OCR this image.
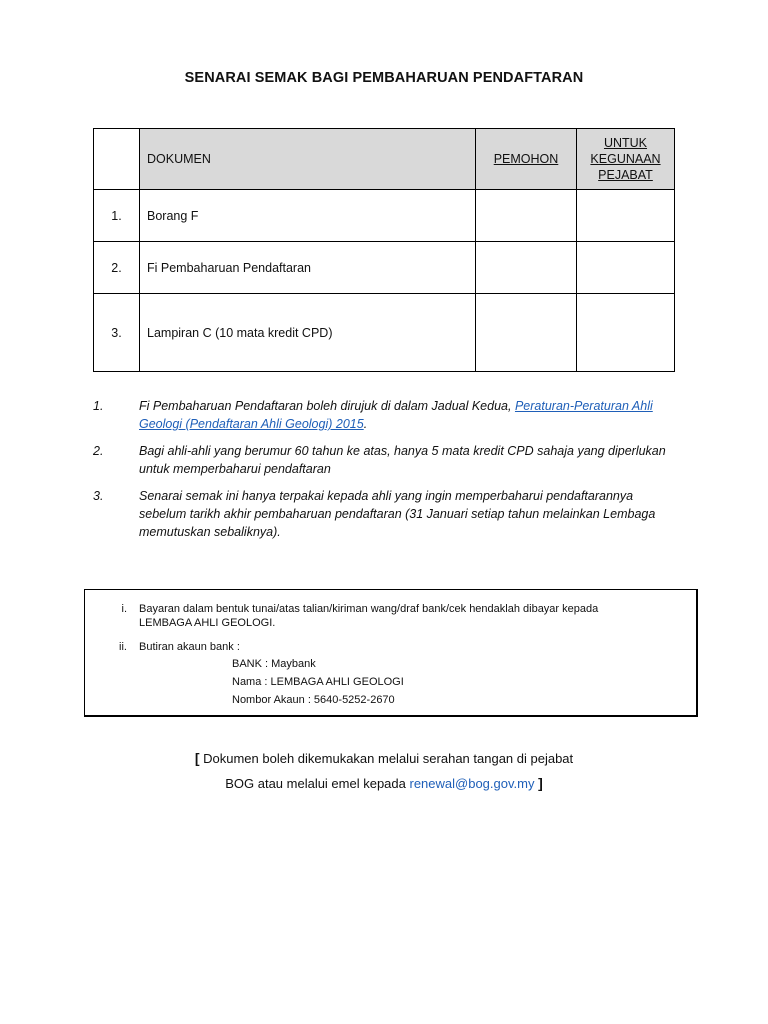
SENARAI SEMAK BAGI PEMBAHARUAN PENDAFTARAN
	DOKUMEN	PEMOHON	UNTUK
KEGUNAAN
PEJABAT

1.	Borang F		
2.	Fi Pembaharuan Pendaftaran		
3.	Lampiran C (10 mata kredit CPD)		
1.	Fi Pembaharuan Pendaftaran boleh dirujuk di dalam Jadual Kedua, Peraturan-Peraturan Ahli Geologi (Pendaftaran Ahli Geologi) 2015.
2.	Bagi ahli-ahli yang berumur 60 tahun ke atas, hanya 5 mata kredit CPD sahaja yang diperlukan untuk memperbaharui pendaftaran
3.	Senarai semak ini hanya terpakai kepada ahli yang ingin memperbaharui pendaftarannya sebelum tarikh akhir pembaharuan pendaftaran (31 Januari setiap tahun melainkan Lembaga memutuskan sebaliknya).
i.	Bayaran dalam bentuk tunai/atas talian/kiriman wang/draf bank/cek hendaklah dibayar kepada LEMBAGA AHLI GEOLOGI.
ii.	Butiran akaun bank :
BANK : Maybank
Nama : LEMBAGA AHLI GEOLOGI
Nombor Akaun : 5640-5252-2670
[ Dokumen boleh dikemukakan melalui serahan tangan di pejabat
BOG atau melalui emel kepada renewal@bog.gov.my ]
